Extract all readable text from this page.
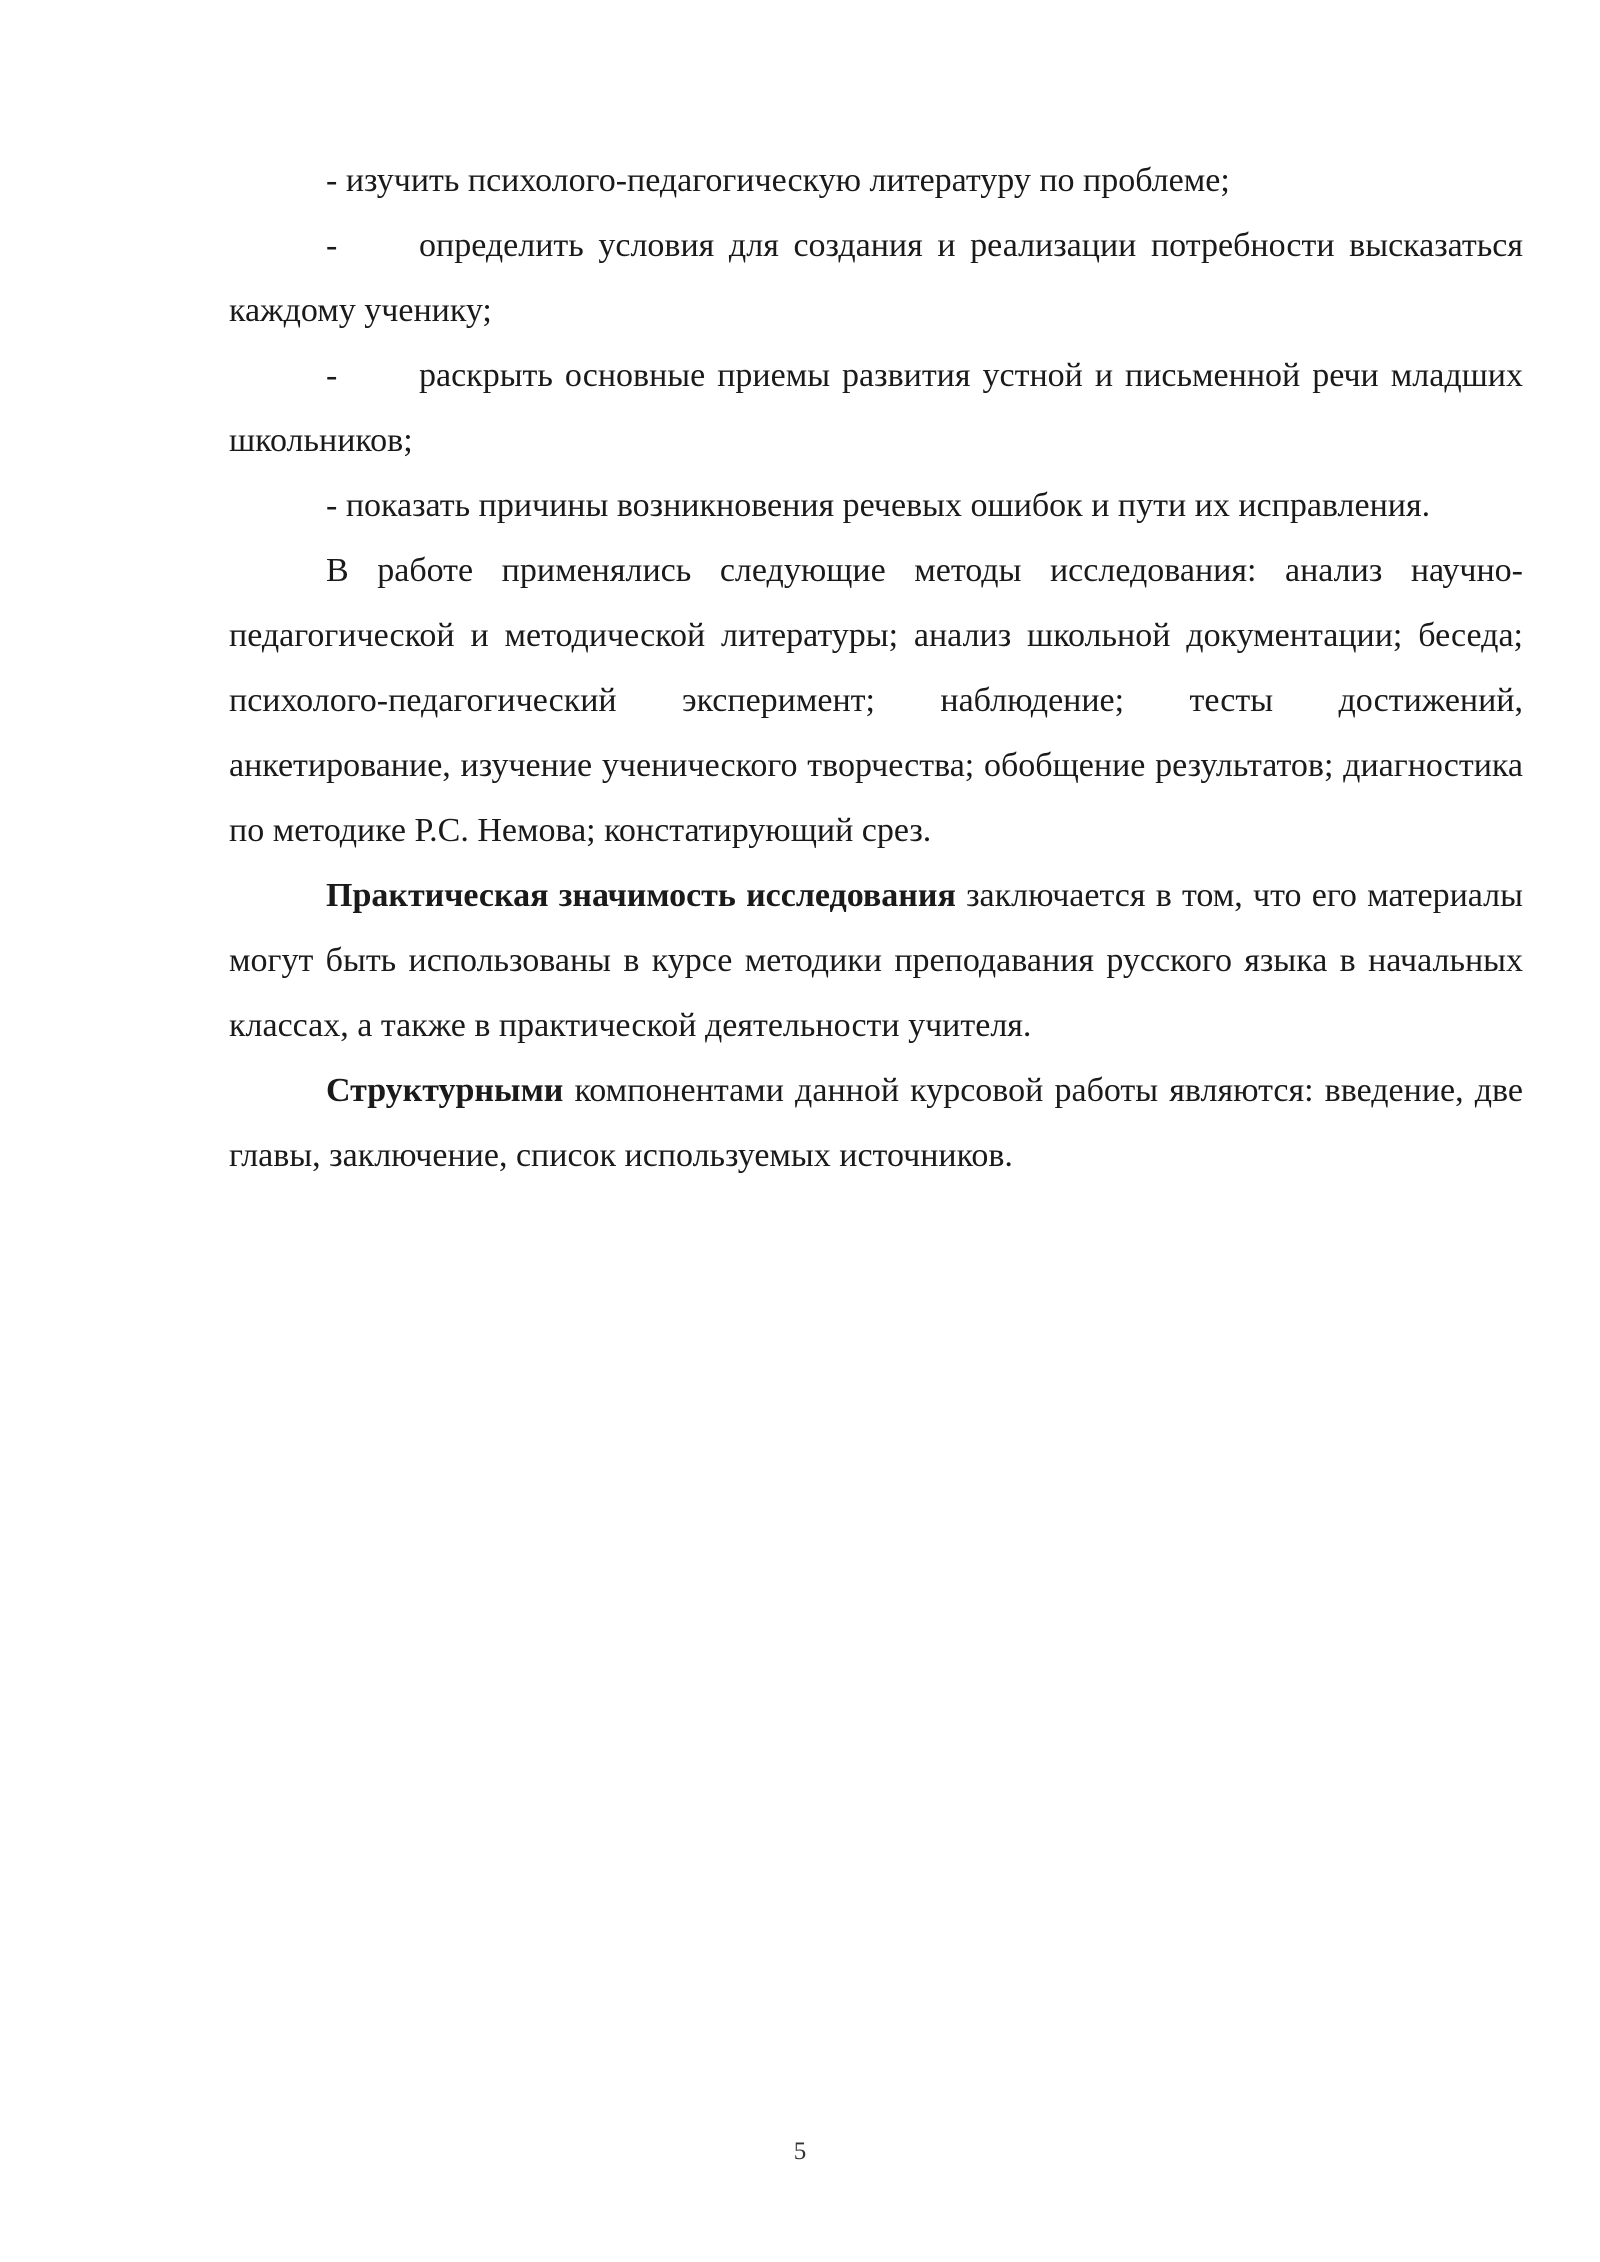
- изучить психолого-педагогическую литературу по проблеме;

- определить условия для создания и реализации потребности высказаться каждому ученику;

- раскрыть основные приемы развития устной и письменной речи младших школьников;

- показать причины возникновения речевых ошибок и пути их исправления.

В работе применялись следующие методы исследования: анализ научно-педагогической и методической литературы; анализ школьной документации; беседа; психолого-педагогический эксперимент; наблюдение; тесты достижений, анкетирование, изучение ученического творчества; обобщение результатов; диагностика по методике Р.С. Немова; констатирующий срез.

Практическая значимость исследования заключается в том, что его материалы могут быть использованы в курсе методики преподавания русского языка в начальных классах, а также в практической деятельности учителя.

Структурными компонентами данной курсовой работы являются: введение, две главы, заключение, список используемых источников.

5
